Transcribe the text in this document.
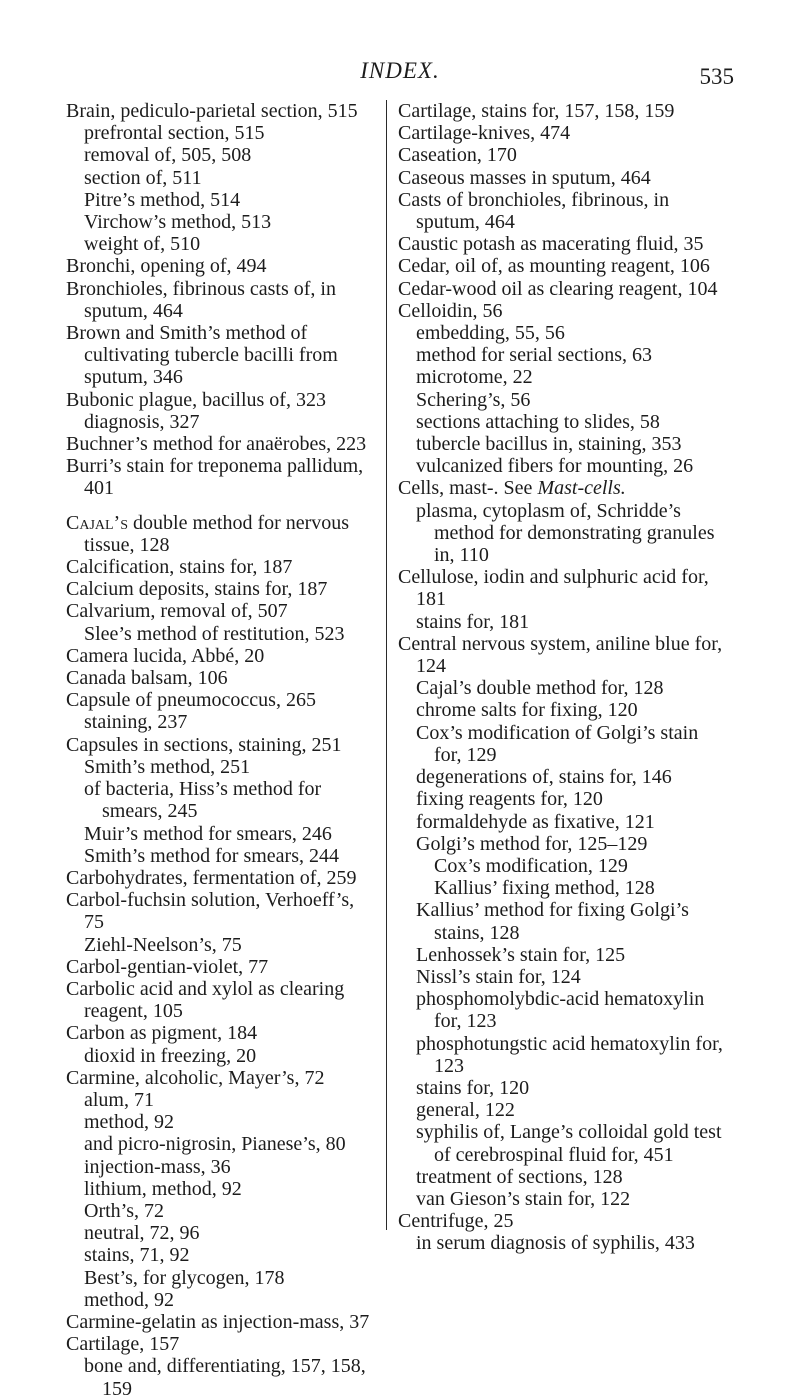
INDEX.	535

Brain, pediculo-parietal section, 515

prefrontal section, 515

removal of, 505, 508

section of, 511

Pitre’s method, 514

Virchow’s method, 513

weight of, 510

Bronchi, opening of, 494

Bronchioles, fibrinous casts of, in sputum, 464

Brown and Smith’s method of cultivating tubercle bacilli from sputum, 346

Bubonic plague, bacillus of, 323

diagnosis, 327

Buchner’s method for anaërobes, 223

Burri’s stain for treponema pallidum, 401

Cajal’s double method for nervous tissue, 128

Calcification, stains for, 187

Calcium deposits, stains for, 187

Calvarium, removal of, 507

Slee’s method of restitution, 523

Camera lucida, Abbé, 20

Canada balsam, 106

Capsule of pneumococcus, 265

staining, 237

Capsules in sections, staining, 251

Smith’s method, 251

of bacteria, Hiss’s method for smears, 245

Muir’s method for smears, 246

Smith’s method for smears, 244

Carbohydrates, fermentation of, 259

Carbol-fuchsin solution, Verhoeff’s, 75

Ziehl-Neelson’s, 75

Carbol-gentian-violet, 77

Carbolic acid and xylol as clearing reagent, 105

Carbon as pigment, 184

dioxid in freezing, 20

Carmine, alcoholic, Mayer’s, 72

alum, 71

method, 92

and picro-nigrosin, Pianese’s, 80

injection-mass, 36

lithium, method, 92

Orth’s, 72

neutral, 72, 96

stains, 71, 92

Best’s, for glycogen, 178

method, 92

Carmine-gelatin as injection-mass, 37

Cartilage, 157

bone and, differentiating, 157, 158, 159

Cartilage, stains for, 157, 158, 159

Cartilage-knives, 474

Caseation, 170

Caseous masses in sputum, 464

Casts of bronchioles, fibrinous, in sputum, 464

Caustic potash as macerating fluid, 35

Cedar, oil of, as mounting reagent, 106

Cedar-wood oil as clearing reagent, 104

Celloidin, 56

embedding, 55, 56

method for serial sections, 63

microtome, 22

Schering’s, 56

sections attaching to slides, 58

tubercle bacillus in, staining, 353

vulcanized fibers for mounting, 26

Cells, mast-. See Mast-cells.

plasma, cytoplasm of, Schridde’s method for demonstrating granules in, 110

Cellulose, iodin and sulphuric acid for, 181

stains for, 181

Central nervous system, aniline blue for, 124

Cajal’s double method for, 128

chrome salts for fixing, 120

Cox’s modification of Golgi’s stain for, 129

degenerations of, stains for, 146

fixing reagents for, 120

formaldehyde as fixative, 121

Golgi’s method for, 125–129

Cox’s modification, 129

Kallius’ fixing method, 128

Kallius’ method for fixing Golgi’s stains, 128

Lenhossek’s stain for, 125

Nissl’s stain for, 124

phosphomolybdic-acid hematoxylin for, 123

phosphotungstic acid hematoxylin for, 123

stains for, 120

general, 122

syphilis of, Lange’s colloidal gold test of cerebrospinal fluid for, 451

treatment of sections, 128

van Gieson’s stain for, 122

Centrifuge, 25

in serum diagnosis of syphilis, 433
